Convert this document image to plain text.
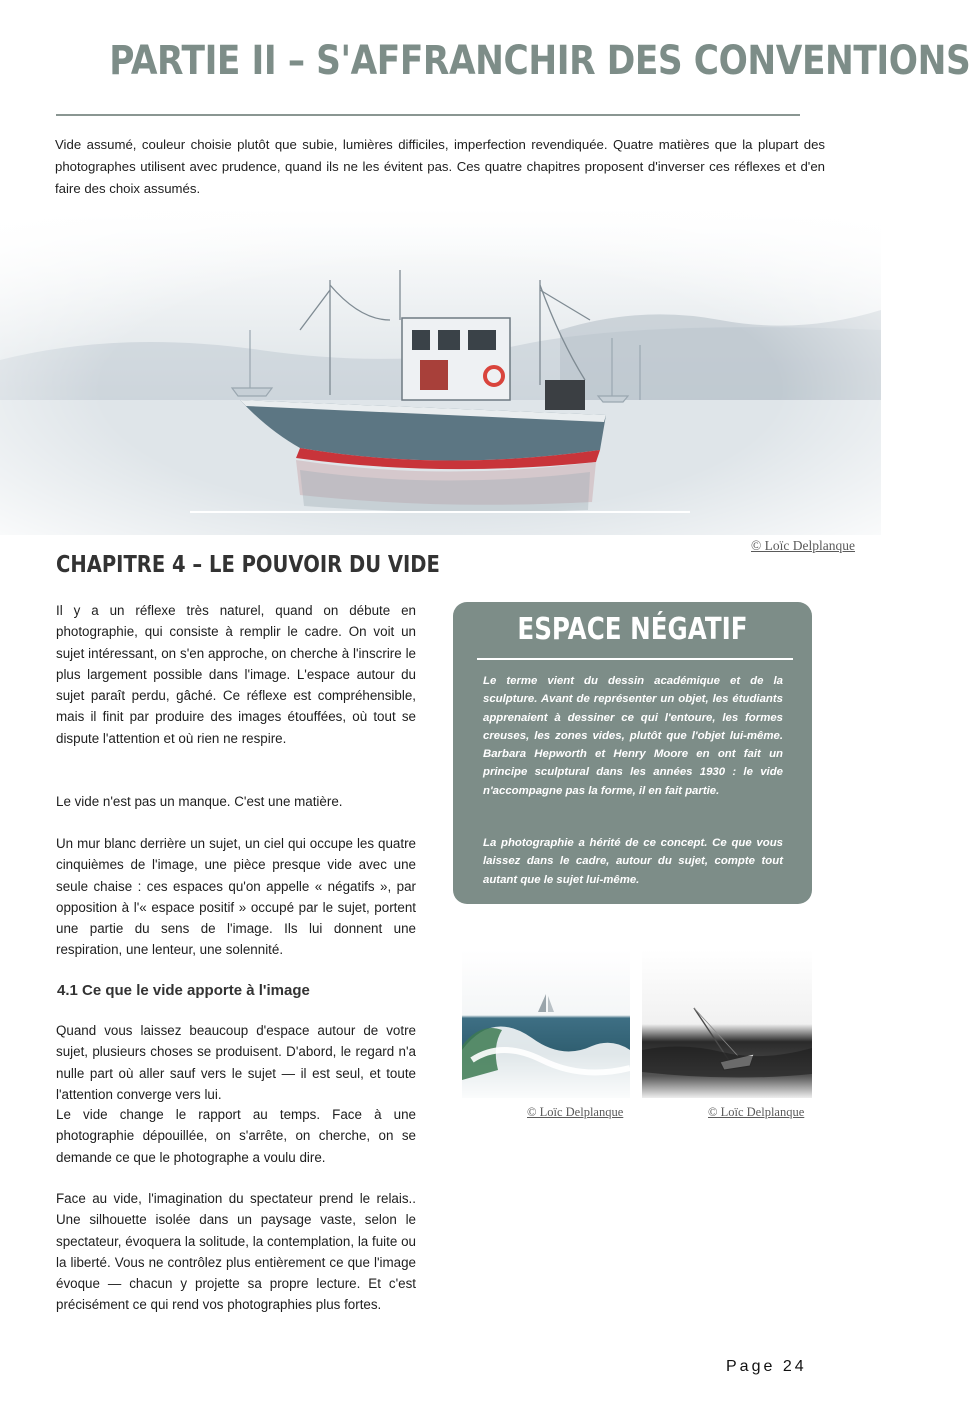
PARTIE II – S'AFFRANCHIR DES CONVENTIONS

Vide assumé, couleur choisie plutôt que subie, lumières difficiles, imperfection revendiquée. Quatre matières que la plupart des photographes utilisent avec prudence, quand ils ne les évitent pas. Ces quatre chapitres proposent d'inverser ces réflexes et d'en faire des choix assumés.

© Loïc Delplanque
CHAPITRE 4 – LE POUVOIR DU VIDE

Il y a un réflexe très naturel, quand on débute en photographie, qui consiste à remplir le cadre. On voit un sujet intéressant, on s'en approche, on cherche à l'inscrire le plus largement possible dans l'image. L'espace autour du sujet paraît perdu, gâché. Ce réflexe est compréhensible, mais il finit par produire des images étouffées, où tout se dispute l'attention et où rien ne respire.

Le vide n'est pas un manque. C'est une matière.

Un mur blanc derrière un sujet, un ciel qui occupe les quatre cinquièmes de l'image, une pièce presque vide avec une seule chaise : ces espaces qu'on appelle « négatifs », par opposition à l'« espace positif » occupé par le sujet, portent une partie du sens de l'image. Ils lui donnent une respiration, une lenteur, une solennité.

4.1 Ce que le vide apporte à l'image

Quand vous laissez beaucoup d'espace autour de votre sujet, plusieurs choses se produisent. D'abord, le regard n'a nulle part où aller sauf vers le sujet — il est seul, et toute l'attention converge vers lui.

Le vide change le rapport au temps. Face à une photographie dépouillée, on s'arrête, on cherche, on se demande ce que le photographe a voulu dire.

Face au vide, l'imagination du spectateur prend le relais.. Une silhouette isolée dans un paysage vaste, selon le spectateur, évoquera la solitude, la contemplation, la fuite ou la liberté. Vous ne contrôlez plus entièrement ce que l'image évoque — chacun y projette sa propre lecture. Et c'est précisément ce qui rend vos photographies plus fortes.

ESPACE NÉGATIF

Le terme vient du dessin académique et de la sculpture. Avant de représenter un objet, les étudiants apprenaient à dessiner ce qui l'entoure, les formes creuses, les zones vides, plutôt que l'objet lui-même. Barbara Hepworth et Henry Moore en ont fait un principe sculptural dans les années 1930 : le vide n'accompagne pas la forme, il en fait partie.

La photographie a hérité de ce concept. Ce que vous laissez dans le cadre, autour du sujet, compte tout autant que le sujet lui-même.

© Loïc Delplanque	© Loïc Delplanque

Page 24
